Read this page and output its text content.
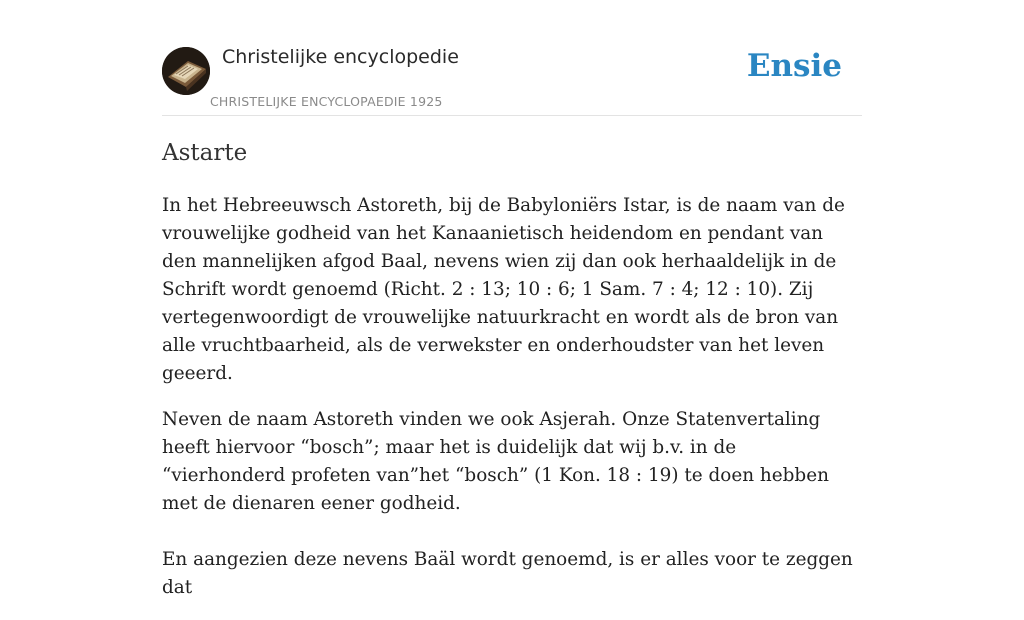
Christelijke encyclopedie
CHRISTELIJKE ENCYCLOPAEDIE 1925
Ensie
Astarte

In het Hebreeuwsch Astoreth, bij de Babyloniërs Istar, is de naam van de vrouwelijke godheid van het Kanaanietisch heidendom en pendant van den mannelijken afgod Baal, nevens wien zij dan ook herhaaldelijk in de Schrift wordt genoemd (Richt. 2 : 13; 10 : 6; 1 Sam. 7 : 4; 12 : 10). Zij vertegenwoordigt de vrouwelijke natuurkracht en wordt als de bron van alle vruchtbaarheid, als de verwekster en onderhoudster van het leven geeerd.

Neven de naam Astoreth vinden we ook Asjerah. Onze Statenvertaling heeft hiervoor “bosch”; maar het is duidelijk dat wij b.v. in de “vierhonderd profeten van”het “bosch” (1 Kon. 18 : 19) te doen hebben met de dienaren eener godheid.

En aangezien deze nevens Baäl wordt genoemd, is er alles voor te zeggen dat
